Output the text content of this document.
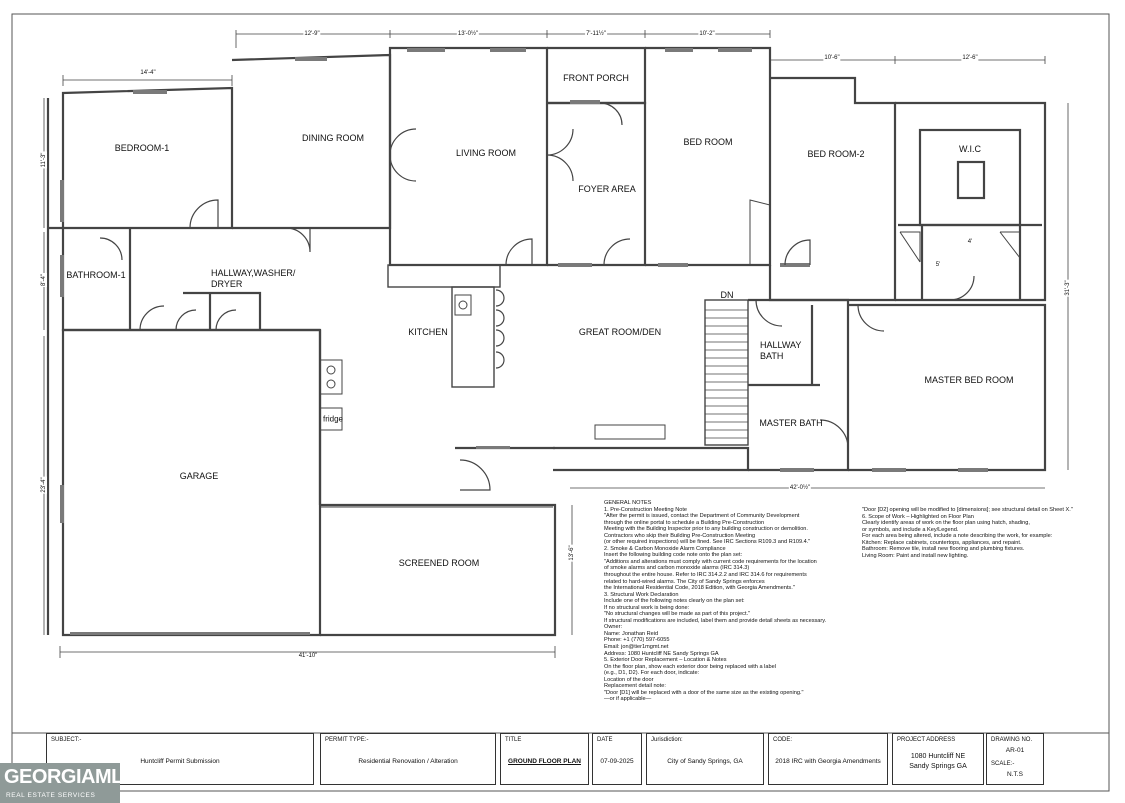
BEDROOM-1
DINING ROOM
LIVING ROOM
FRONT PORCH
FOYER AREA
BED ROOM
BED ROOM-2	W.I.C
BATHROOM-1	HALLWAY,WASHER/ DRYER
KITCHEN	GREAT ROOM/DEN
DN
HALLWAY BATH
MASTER BED ROOM
MASTER BATH
GARAGE
SCREENED ROOM
fridge
14'-4"
12'-9"	13'-0½"	7'-11½"	10'-2"
10'-6"	12'-6"
11'-3"
8'-4"
23'-4"
41'-10"
13'-6"
42'-0½"
31'-3"
4'
5'
GENERAL NOTES
1. Pre-Construction Meeting Note
"After the permit is issued, contact the Department of Community Development
through the online portal to schedule a Building Pre-Construction
Meeting with the Building Inspector prior to any building construction or demolition.
Contractors who skip their Building Pre-Construction Meeting
(or other required inspections) will be fined. See IRC Sections R109.3 and R109.4."
2. Smoke & Carbon Monoxide Alarm Compliance
Insert the following building code note onto the plan set:
"Additions and alterations must comply with current code requirements for the location
of smoke alarms and carbon monoxide alarms (IRC 314.3)
throughout the entire house. Refer to IRC 314.2.2 and IRC 314.6 for requirements
related to hard-wired alarms. The City of Sandy Springs enforces
the International Residential Code, 2018 Edition, with Georgia Amendments."
3. Structural Work Declaration
Include one of the following notes clearly on the plan set:
If no structural work is being done:
"No structural changes will be made as part of this project."
If structural modifications are included, label them and provide detail sheets as necessary.
Owner:
Name: Jonathan Reid
Phone: +1 (770) 597-6055
Email: jon@tier1mgmt.net
Address: 1080 Huntcliff NE Sandy Springs GA
5. Exterior Door Replacement – Location & Notes
On the floor plan, show each exterior door being replaced with a label
(e.g., D1, D2). For each door, indicate:
Location of the door
Replacement detail note:
"Door [D1] will be replaced with a door of the same size as the existing opening."
—or if applicable—
"Door [D2] opening will be modified to [dimensions]; see structural detail on Sheet X."
6. Scope of Work – Highlighted on Floor Plan
Clearly identify areas of work on the floor plan using hatch, shading,
or symbols, and include a Key/Legend.
For each area being altered, include a note describing the work, for example:
Kitchen: Replace cabinets, countertops, appliances, and repaint.
Bathroom: Remove tile, install new flooring and plumbing fixtures.
Living Room: Paint and install new lighting.
SUBJECT:-
Huntcliff Permit Submission
PERMIT TYPE:-
Residential Renovation / Alteration
TITLE
GROUND FLOOR PLAN
DATE
07-09-2025
Jurisdiction:
City of Sandy Springs, GA
CODE:
2018 IRC with Georgia Amendments
PROJECT ADDRESS
1080 Huntcliff NE
Sandy Springs GA
DRAWING NO.
AR-01
SCALE:-
N.T.S
GEORGIAMLS
REAL ESTATE SERVICES
